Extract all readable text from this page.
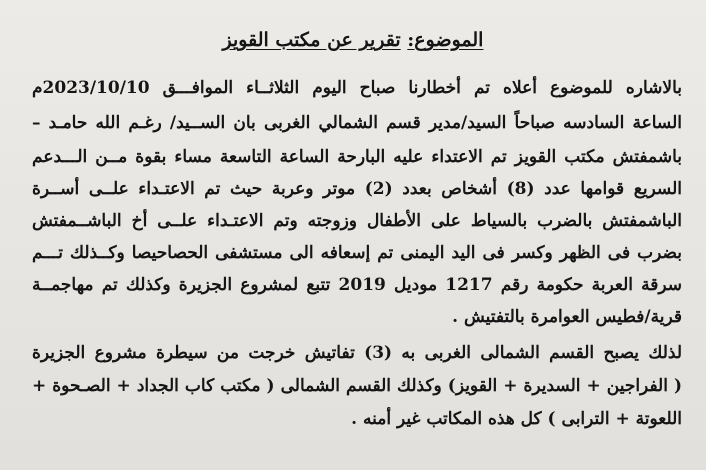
الموضوع: تقرير عن مكتب القويز
بالاشاره للموضوع أعلاه تم أخطارنا صباح اليوم الثلاثــاء الموافـــق 2023/10/10م
الساعة السادسه صباحاً السيد/مدير قسم الشمالي الغربى بان الســيد/ رغـم الله حامـد –
باشمفتش مكتب القويز تم الاعتداء عليه البارحة الساعة التاسعة مساء بقوة مــن الـــدعم
السريع قوامها عدد (8) أشخاص بعدد (2) موتر وعربة حيث تم الاعتـداء علــى أســرة
الباشمفتش بالضرب بالسياط على الأطفال وزوجته وتم الاعتـداء علــى أخ الباشــمفتش
بضرب فى الظهر وكسر فى اليد اليمنى تم إسعافه الى مستشفى الحصاحيصا وكــذلك تـــم
سرقة العربة حكومة رقم 1217 موديل 2019 تتبع لمشروع الجزيرة وكذلك تم مهاجمــة
قرية/فطيس العوامرة بالتفتيش .
لذلك يصبح القسم الشمالى الغربى به (3) تفاتيش خرجت من سيطرة مشروع الجزيرة
( الفراجين + السديرة + القويز) وكذلك القسم الشمالى ( مكتب كاب الجداد + الصـحوة +
اللعوتة + الترابى ) كل هذه المكاتب غير أمنه .
